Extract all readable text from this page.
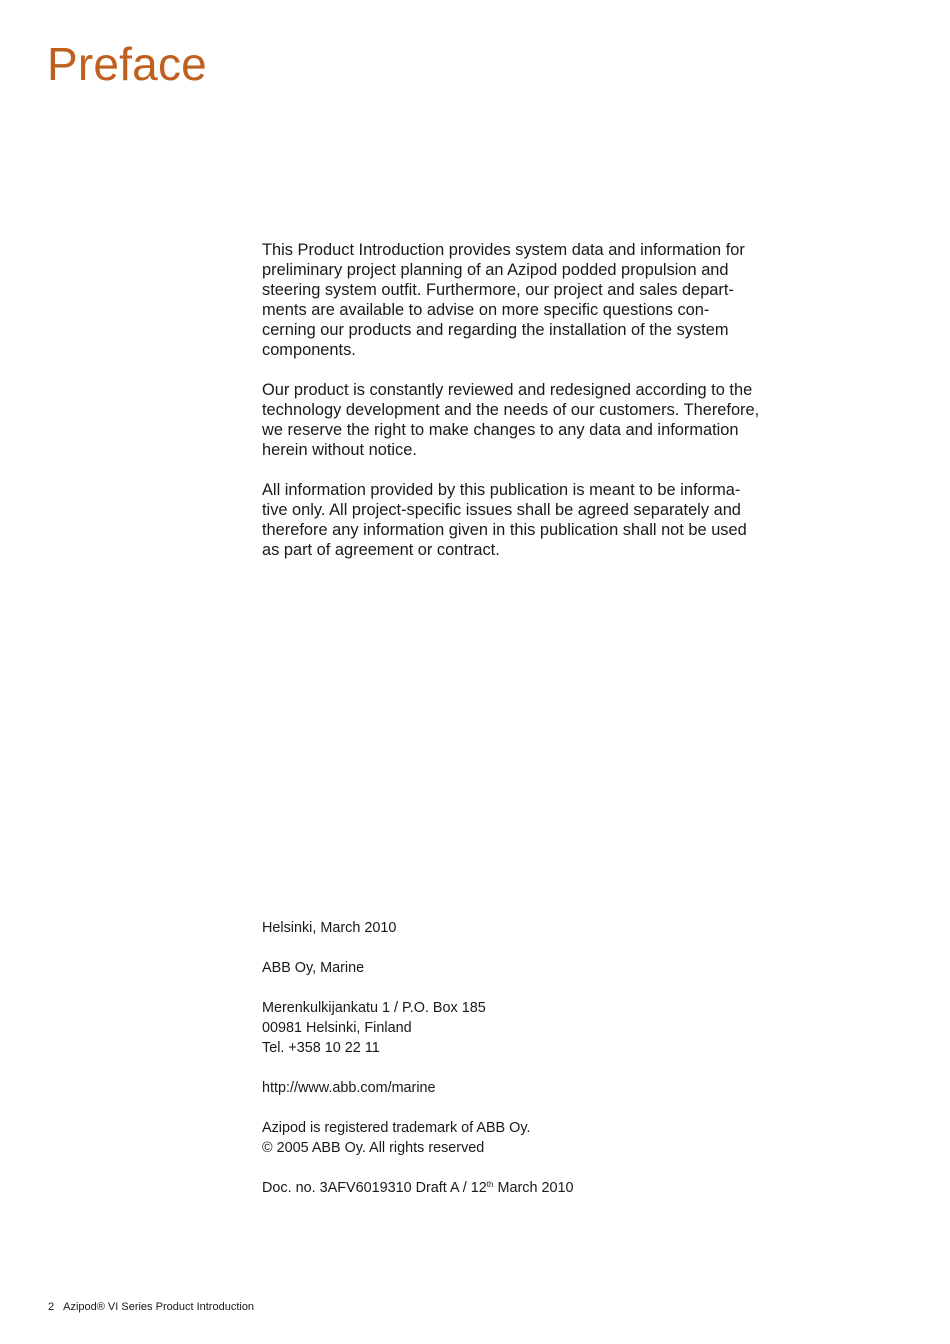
Preface

This Product Introduction provides system data and information for
preliminary project planning of an Azipod podded propulsion and
steering system outfit. Furthermore, our project and sales depart-
ments are available to advise on more specific questions con-
cerning our products and regarding the installation of the system
components.

Our product is constantly reviewed and redesigned according to the
technology development and the needs of our customers. Therefore,
we reserve the right to make changes to any data and information
herein without notice.

All information provided by this publication is meant to be informa-
tive only. All project-specific issues shall be agreed separately and
therefore any information given in this publication shall not be used
as part of agreement or contract.

Helsinki, March 2010

ABB Oy, Marine

Merenkulkijankatu 1 / P.O. Box 185
00981 Helsinki, Finland
Tel. +358 10 22 11

http://www.abb.com/marine

Azipod is registered trademark of ABB Oy.
© 2005 ABB Oy. All rights reserved

Doc. no. 3AFV6019310 Draft A / 12th March 2010

2 Azipod® VI Series Product Introduction
